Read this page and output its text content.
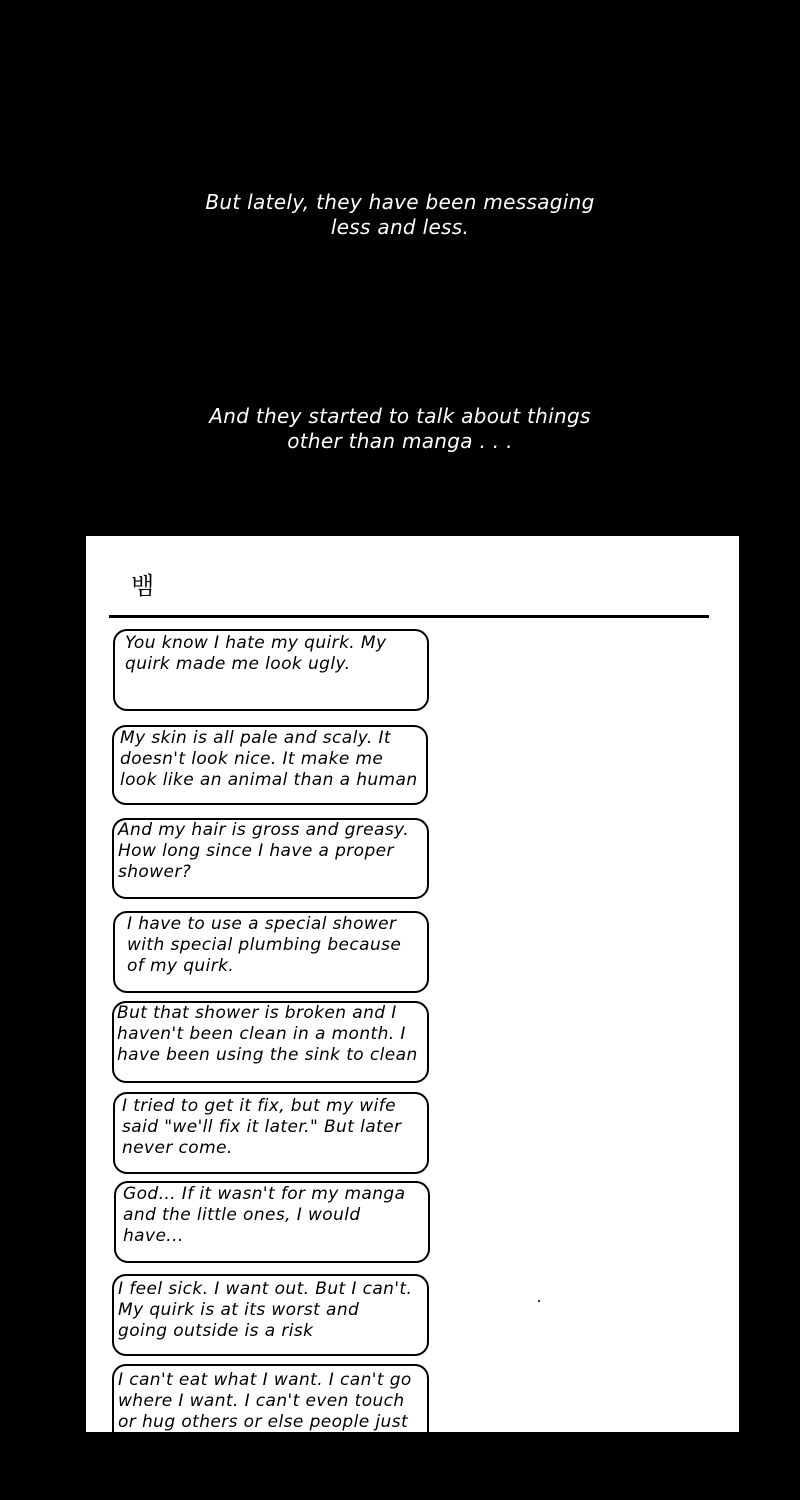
But lately, they have been messaging
less and less.
And they started to talk about things
other than manga . . .
뱀
You know I hate my quirk. My
quirk made me look ugly.
My skin is all pale and scaly. It
doesn't look nice. It make me
look like an animal than a human
And my hair is gross and greasy.
How long since I have a proper
shower?
I have to use a special shower
with special plumbing because
of my quirk.
But that shower is broken and I
haven't been clean in a month. I
have been using the sink to clean
I tried to get it fix, but my wife
said "we'll fix it later." But later
never come.
God... If it wasn't for my manga
and the little ones, I would
have...
I feel sick. I want out. But I can't.
My quirk is at its worst and
going outside is a risk
I can't eat what I want. I can't go
where I want. I can't even touch
or hug others or else people just
